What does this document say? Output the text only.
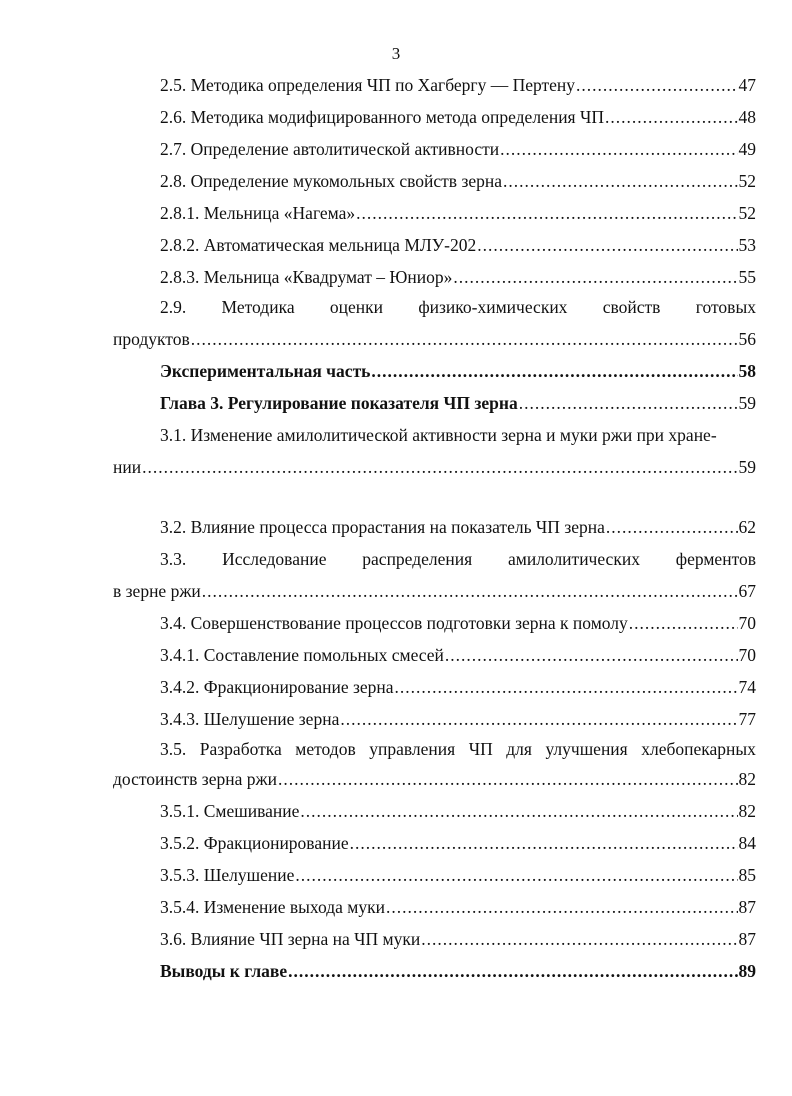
3
2.5. Методика определения ЧП по Хагбергу — Пертену .....	47
2.6. Методика модифицированного метода определения ЧП .....	48
2.7. Определение автолитической активности .....	49
2.8. Определение мукомольных свойств зерна .....	52
2.8.1. Мельница «Нагема» .....	52
2.8.2. Автоматическая мельница МЛУ-202 .....	53
2.8.3. Мельница «Квадрумат – Юниор» .....	55
2.9. Методика оценки физико-химических свойств готовых
продуктов .....	56
Экспериментальная часть .....	58
Глава 3. Регулирование показателя ЧП зерна .....	59
3.1. Изменение амилолитической активности зерна и муки ржи при хране-
нии .....	59
3.2. Влияние процесса прорастания на показатель ЧП зерна .....	62
3.3. Исследование распределения амилолитических ферментов
в зерне ржи .....	67
3.4. Совершенствование процессов подготовки зерна к помолу .....	70
3.4.1. Составление помольных смесей .....	70
3.4.2. Фракционирование зерна .....	74
3.4.3. Шелушение зерна .....	77
3.5. Разработка методов управления ЧП для улучшения хлебопекарных
достоинств зерна ржи .....	82
3.5.1. Смешивание .....	82
3.5.2. Фракционирование .....	84
3.5.3. Шелушение .....	85
3.5.4. Изменение выхода муки .....	87
3.6. Влияние ЧП зерна на ЧП муки .....	87
Выводы к главе .....	89
